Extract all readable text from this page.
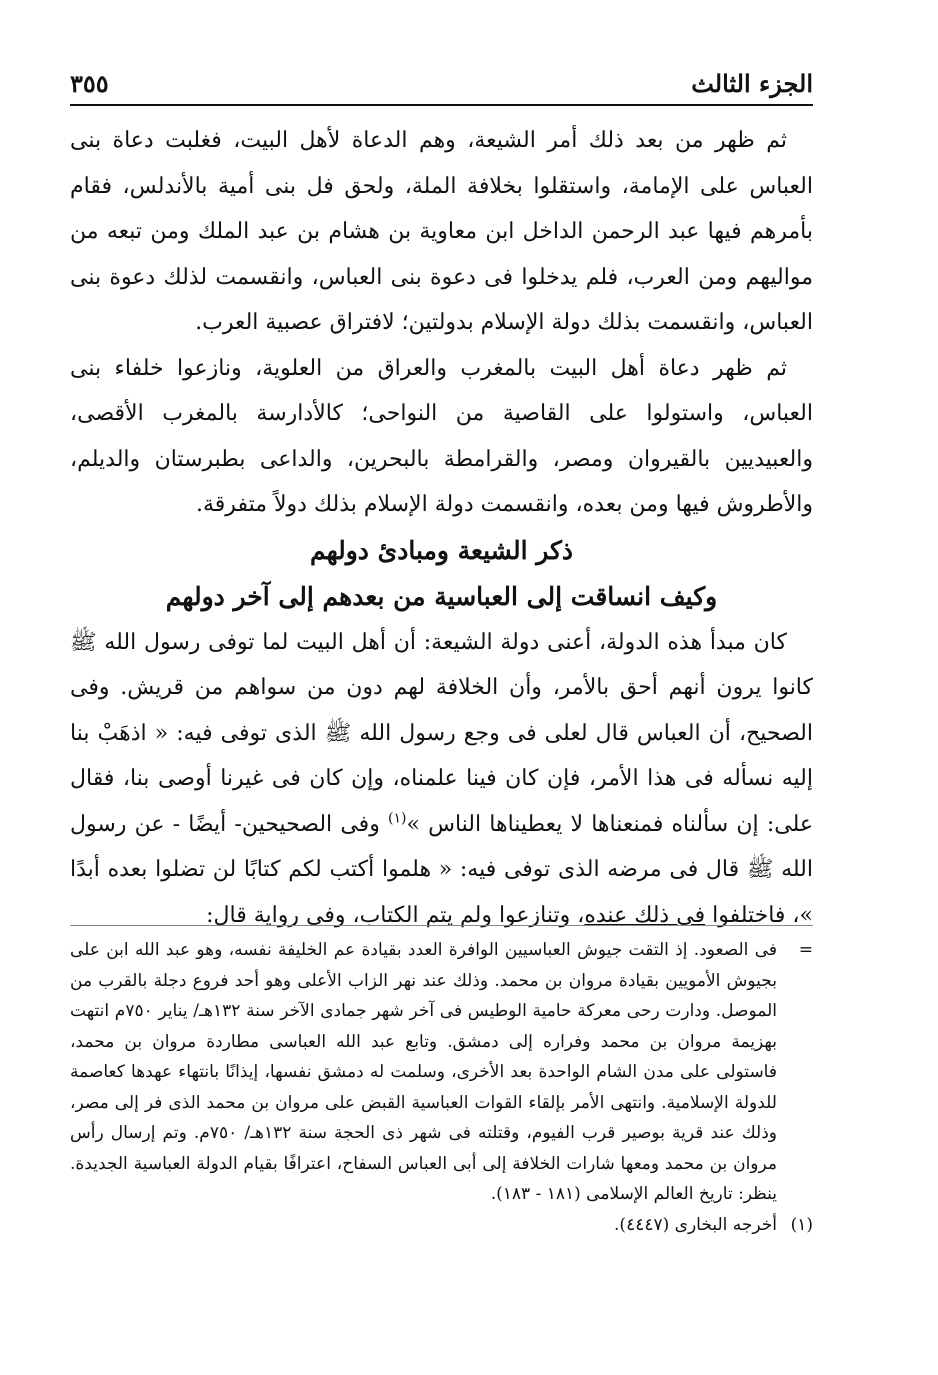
الجزء الثالث
٣٥٥

ثم ظهر من بعد ذلك أمر الشيعة، وهم الدعاة لأهل البيت، فغلبت دعاة بنى العباس على الإمامة، واستقلوا بخلافة الملة، ولحق فل بنى أمية بالأندلس، فقام بأمرهم فيها عبد الرحمن الداخل ابن معاوية بن هشام بن عبد الملك ومن تبعه من مواليهم ومن العرب، فلم يدخلوا فى دعوة بنى العباس، وانقسمت لذلك دعوة بنى العباس، وانقسمت بذلك دولة الإسلام بدولتين؛ لافتراق عصبية العرب.

ثم ظهر دعاة أهل البيت بالمغرب والعراق من العلوية، ونازعوا خلفاء بنى العباس، واستولوا على القاصية من النواحى؛ كالأدارسة بالمغرب الأقصى، والعبيديين بالقيروان ومصر، والقرامطة بالبحرين، والداعى بطبرستان والديلم، والأطروش فيها ومن بعده، وانقسمت دولة الإسلام بذلك دولاً متفرقة.

ذكر الشيعة ومبادئ دولهم

وكيف انساقت إلى العباسية من بعدهم إلى آخر دولهم

كان مبدأ هذه الدولة، أعنى دولة الشيعة: أن أهل البيت لما توفى رسول الله ﷺ كانوا يرون أنهم أحق بالأمر، وأن الخلافة لهم دون من سواهم من قريش. وفى الصحيح، أن العباس قال لعلى فى وجع رسول الله ﷺ الذى توفى فيه: « اذهَبْ بنا إليه نسأله فى هذا الأمر، فإن كان فينا علمناه، وإن كان فى غيرنا أوصى بنا، فقال على: إن سألناه فمنعناها لا يعطيناها الناس »$^{(١)}$ وفى الصحيحين- أيضًا - عن رسول الله ﷺ قال فى مرضه الذى توفى فيه: « هلموا أكتب لكم كتابًا لن تضلوا بعده أبدًا »، فاختلفوا فى ذلك عنده، وتنازعوا ولم يتم الكتاب، وفى رواية قال:

=
فى الصعود. إذ التقت جيوش العباسيين الوافرة العدد بقيادة عم الخليفة نفسه، وهو عبد الله ابن على بجيوش الأمويين بقيادة مروان بن محمد. وذلك عند نهر الزاب الأعلى وهو أحد فروع دجلة بالقرب من الموصل. ودارت رحى معركة حامية الوطيس فى آخر شهر جمادى الآخر سنة ١٣٢هـ/ يناير ٧٥٠م انتهت بهزيمة مروان بن محمد وفراره إلى دمشق. وتابع عبد الله العباسى مطاردة مروان بن محمد، فاستولى على مدن الشام الواحدة بعد الأخرى، وسلمت له دمشق نفسها، إيذانًا بانتهاء عهدها كعاصمة للدولة الإسلامية. وانتهى الأمر بإلقاء القوات العباسية القبض على مروان بن محمد الذى فر إلى مصر، وذلك عند قرية بوصير قرب الفيوم، وقتلته فى شهر ذى الحجة سنة ١٣٢هـ/ ٧٥٠م. وتم إرسال رأس مروان بن محمد ومعها شارات الخلافة إلى أبى العباس السفاح، اعترافًا بقيام الدولة العباسية الجديدة. ينظر: تاريخ العالم الإسلامى (١٨١ - ١٨٣).
(١)
أخرجه البخارى (٤٤٤٧).
